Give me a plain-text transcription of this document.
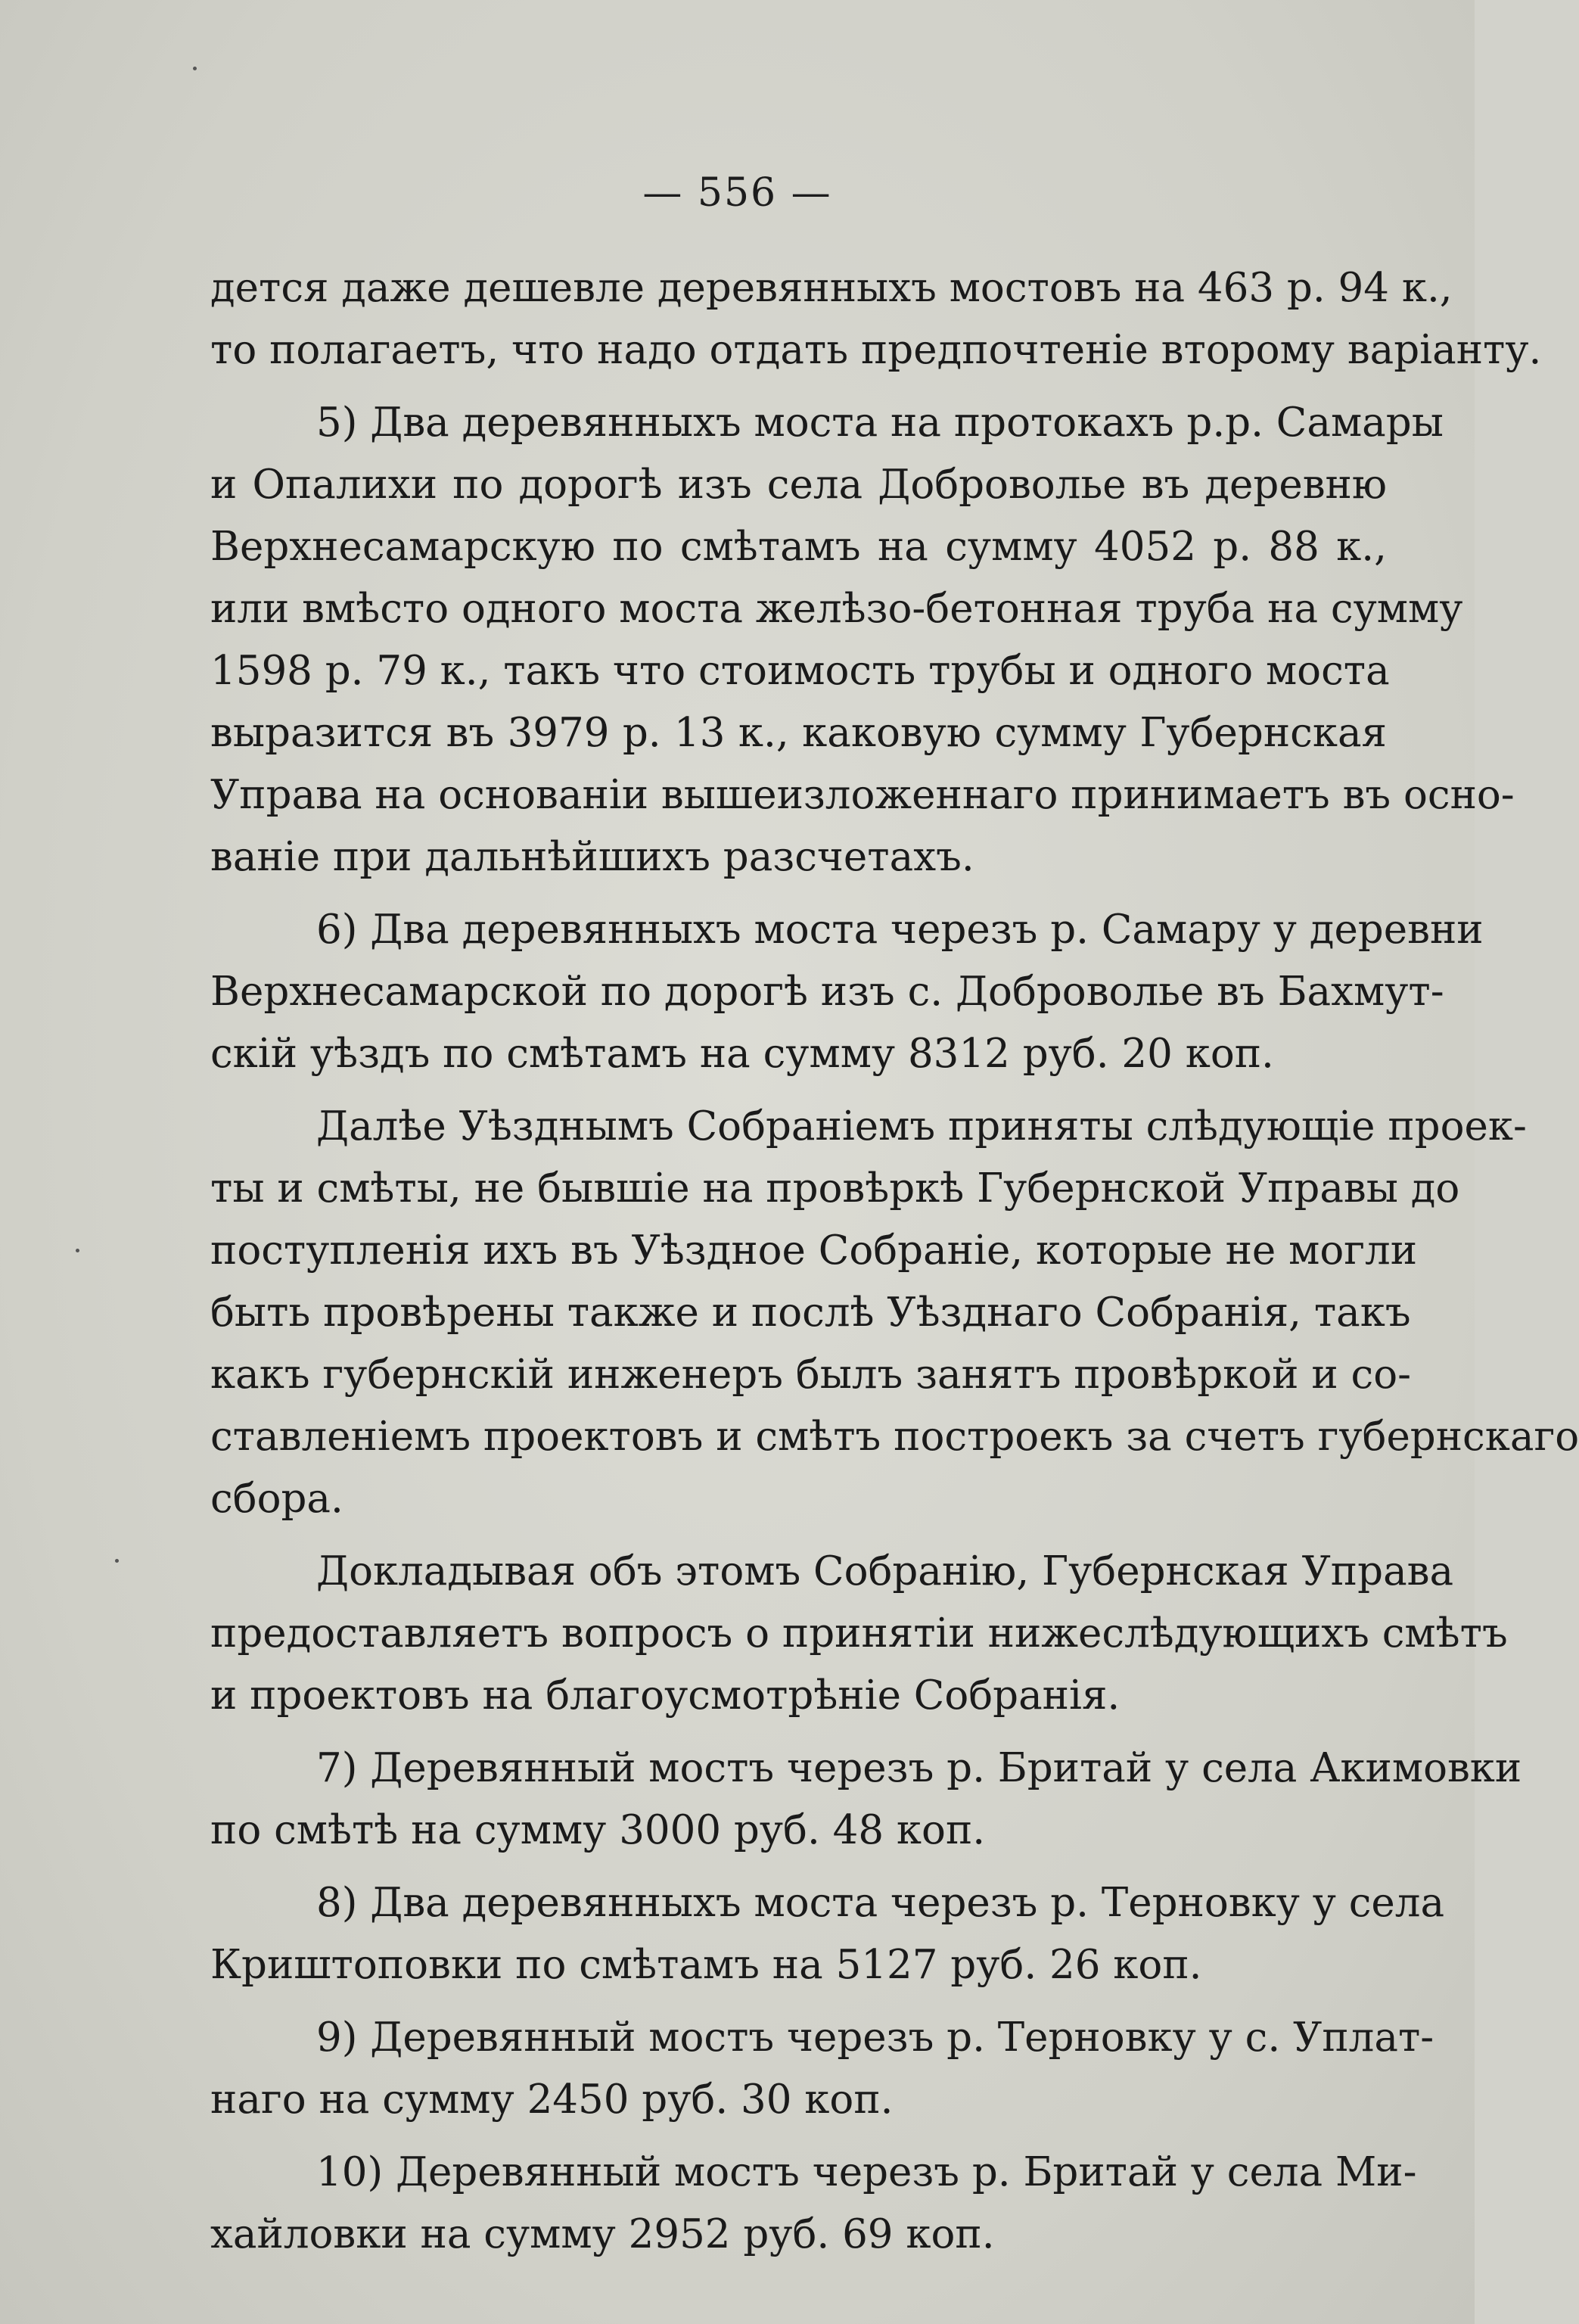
— 556 —
дется даже дешевле деревянныхъ мостовъ на 463 р. 94 к.,
то полагаетъ, что надо отдать предпочтенiе второму варiанту.
5) Два деревянныхъ моста на протокахъ р.р. Самары
и Опалихи по дорогѣ изъ села Доброволье въ деревню
Верхнесамарскую по смѣтамъ на сумму 4052 р. 88 к.,
или вмѣсто одного моста желѣзо-бетонная труба на сумму
1598 р. 79 к., такъ что стоимость трубы и одного моста
выразится въ 3979 р. 13 к., каковую сумму Губернская
Управа на основанiи вышеизложеннаго принимаетъ въ осно-
ванiе при дальнѣйшихъ разсчетахъ.
6) Два деревянныхъ моста черезъ р. Самару у деревни
Верхнесамарской по дорогѣ изъ с. Доброволье въ Бахмут-
скiй уѣздъ по смѣтамъ на сумму 8312 руб. 20 коп.
Далѣе Уѣзднымъ Собранiемъ приняты слѣдующiе проек-
ты и смѣты, не бывшiе на провѣркѣ Губернской Управы до
поступленiя ихъ въ Уѣздное Собранiе, которые не могли
быть провѣрены также и послѣ Уѣзднаго Собранiя, такъ
какъ губернскiй инженеръ былъ занятъ провѣркой и со-
ставленiемъ проектовъ и смѣтъ построекъ за счетъ губернскаго
сбора.
Докладывая объ этомъ Собранiю, Губернская Управа
предоставляетъ вопросъ о принятiи нижеслѣдующихъ смѣтъ
и проектовъ на благоусмотрѣнiе Собранiя.
7) Деревянный мостъ черезъ р. Бритай у села Акимовки
по смѣтѣ на сумму 3000 руб. 48 коп.
8) Два деревянныхъ моста черезъ р. Терновку у села
Криштоповки по смѣтамъ на 5127 руб. 26 коп.
9) Деревянный мостъ черезъ р. Терновку у с. Уплат-
наго на сумму 2450 руб. 30 коп.
10) Деревянный мостъ черезъ р. Бритай у села Ми-
хайловки на сумму 2952 руб. 69 коп.
